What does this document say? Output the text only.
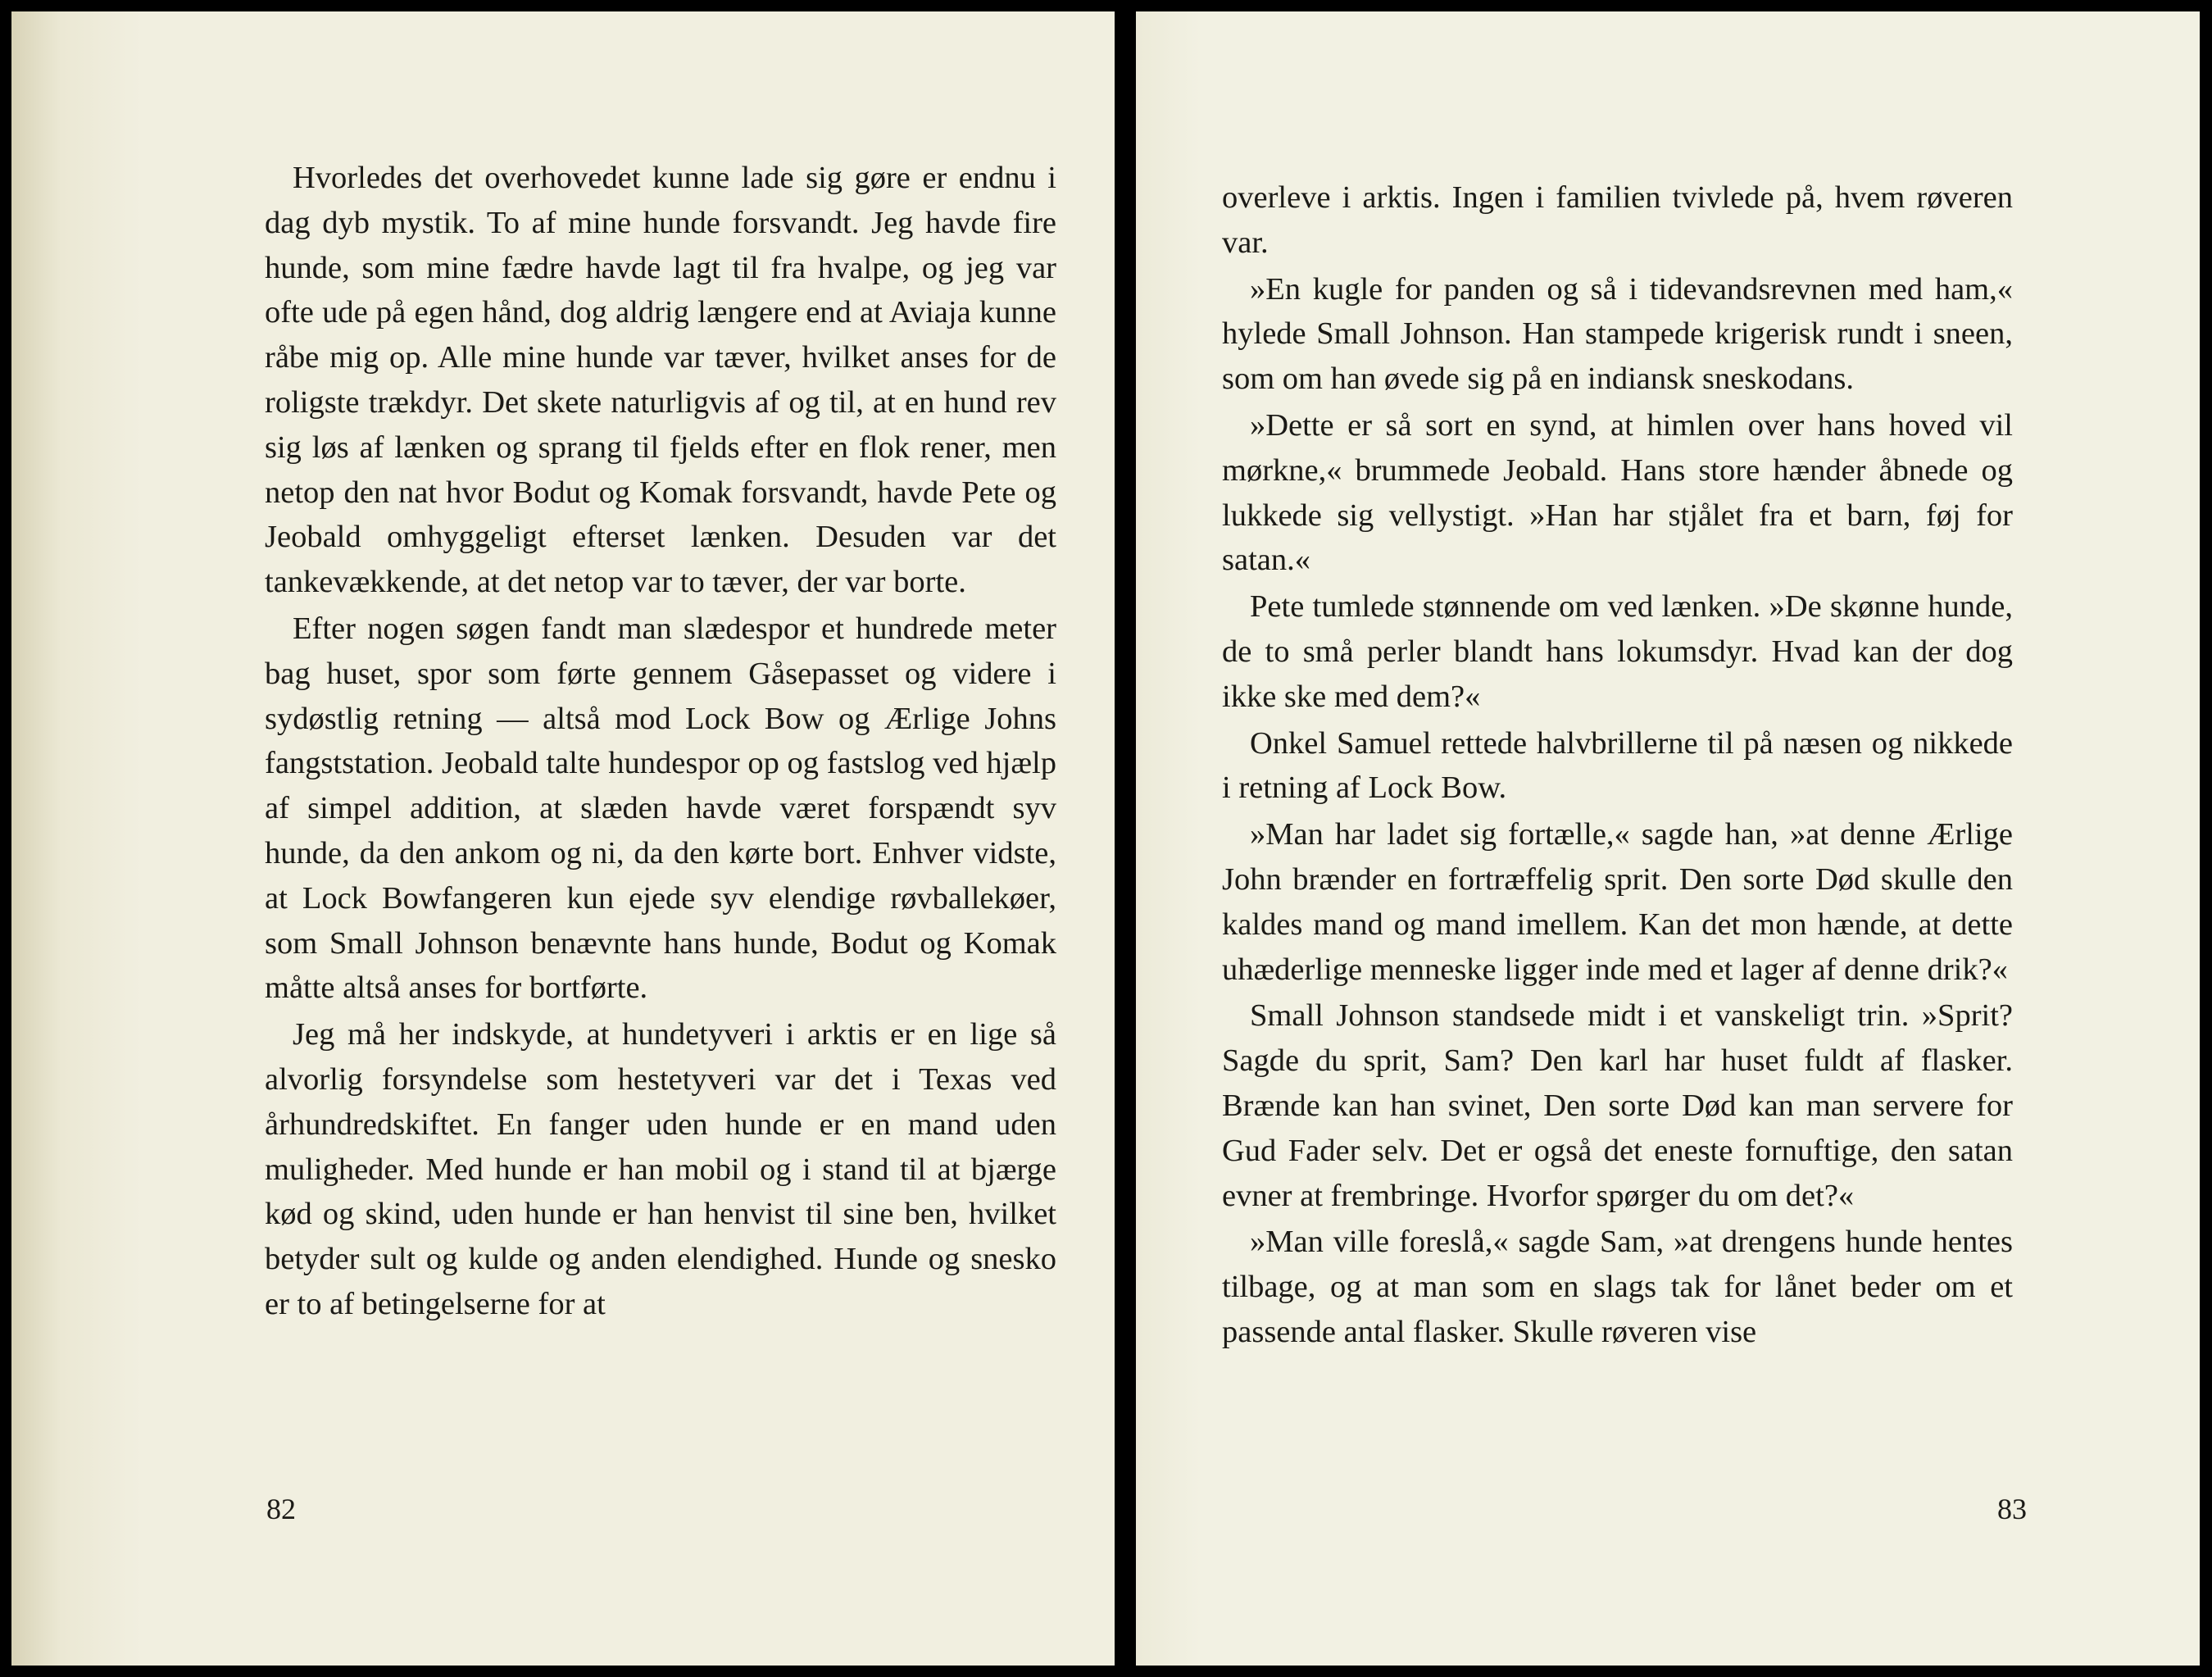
Hvorledes det overhovedet kunne lade sig gøre er endnu i dag dyb mystik. To af mine hunde forsvandt. Jeg havde fire hunde, som mine fædre havde lagt til fra hvalpe, og jeg var ofte ude på egen hånd, dog aldrig længere end at Aviaja kunne råbe mig op. Alle mine hunde var tæver, hvilket anses for de roligste trækdyr. Det skete naturligvis af og til, at en hund rev sig løs af lænken og sprang til fjelds efter en flok rener, men netop den nat hvor Bodut og Komak forsvandt, havde Pete og Jeobald omhyggeligt efterset lænken. Desuden var det tankevækkende, at det netop var to tæver, der var borte.

Efter nogen søgen fandt man slædespor et hundrede meter bag huset, spor som førte gennem Gåsepasset og videre i sydøstlig retning — altså mod Lock Bow og Ærlige Johns fangststation. Jeobald talte hundespor op og fastslog ved hjælp af simpel addition, at slæden havde været forspændt syv hunde, da den ankom og ni, da den kørte bort. Enhver vidste, at Lock Bowfangeren kun ejede syv elendige røvballekøer, som Small Johnson benævnte hans hunde, Bodut og Komak måtte altså anses for bortførte.

Jeg må her indskyde, at hundetyveri i arktis er en lige så alvorlig forsyndelse som hestetyveri var det i Texas ved århundredskiftet. En fanger uden hunde er en mand uden muligheder. Med hunde er han mobil og i stand til at bjærge kød og skind, uden hunde er han henvist til sine ben, hvilket betyder sult og kulde og anden elendighed. Hunde og snesko er to af betingelserne for at

82

overleve i arktis. Ingen i familien tvivlede på, hvem røveren var.

»En kugle for panden og så i tidevandsrevnen med ham,« hylede Small Johnson. Han stampede krigerisk rundt i sneen, som om han øvede sig på en indiansk sneskodans.

»Dette er så sort en synd, at himlen over hans hoved vil mørkne,« brummede Jeobald. Hans store hænder åbnede og lukkede sig vellystigt. »Han har stjålet fra et barn, føj for satan.«

Pete tumlede stønnende om ved lænken. »De skønne hunde, de to små perler blandt hans lokumsdyr. Hvad kan der dog ikke ske med dem?«

Onkel Samuel rettede halvbrillerne til på næsen og nikkede i retning af Lock Bow.

»Man har ladet sig fortælle,« sagde han, »at denne Ærlige John brænder en fortræffelig sprit. Den sorte Død skulle den kaldes mand og mand imellem. Kan det mon hænde, at dette uhæderlige menneske ligger inde med et lager af denne drik?«

Small Johnson standsede midt i et vanskeligt trin. »Sprit? Sagde du sprit, Sam? Den karl har huset fuldt af flasker. Brænde kan han svinet, Den sorte Død kan man servere for Gud Fader selv. Det er også det eneste fornuftige, den satan evner at frembringe. Hvorfor spørger du om det?«

»Man ville foreslå,« sagde Sam, »at drengens hunde hentes tilbage, og at man som en slags tak for lånet beder om et passende antal flasker. Skulle røveren vise

83
